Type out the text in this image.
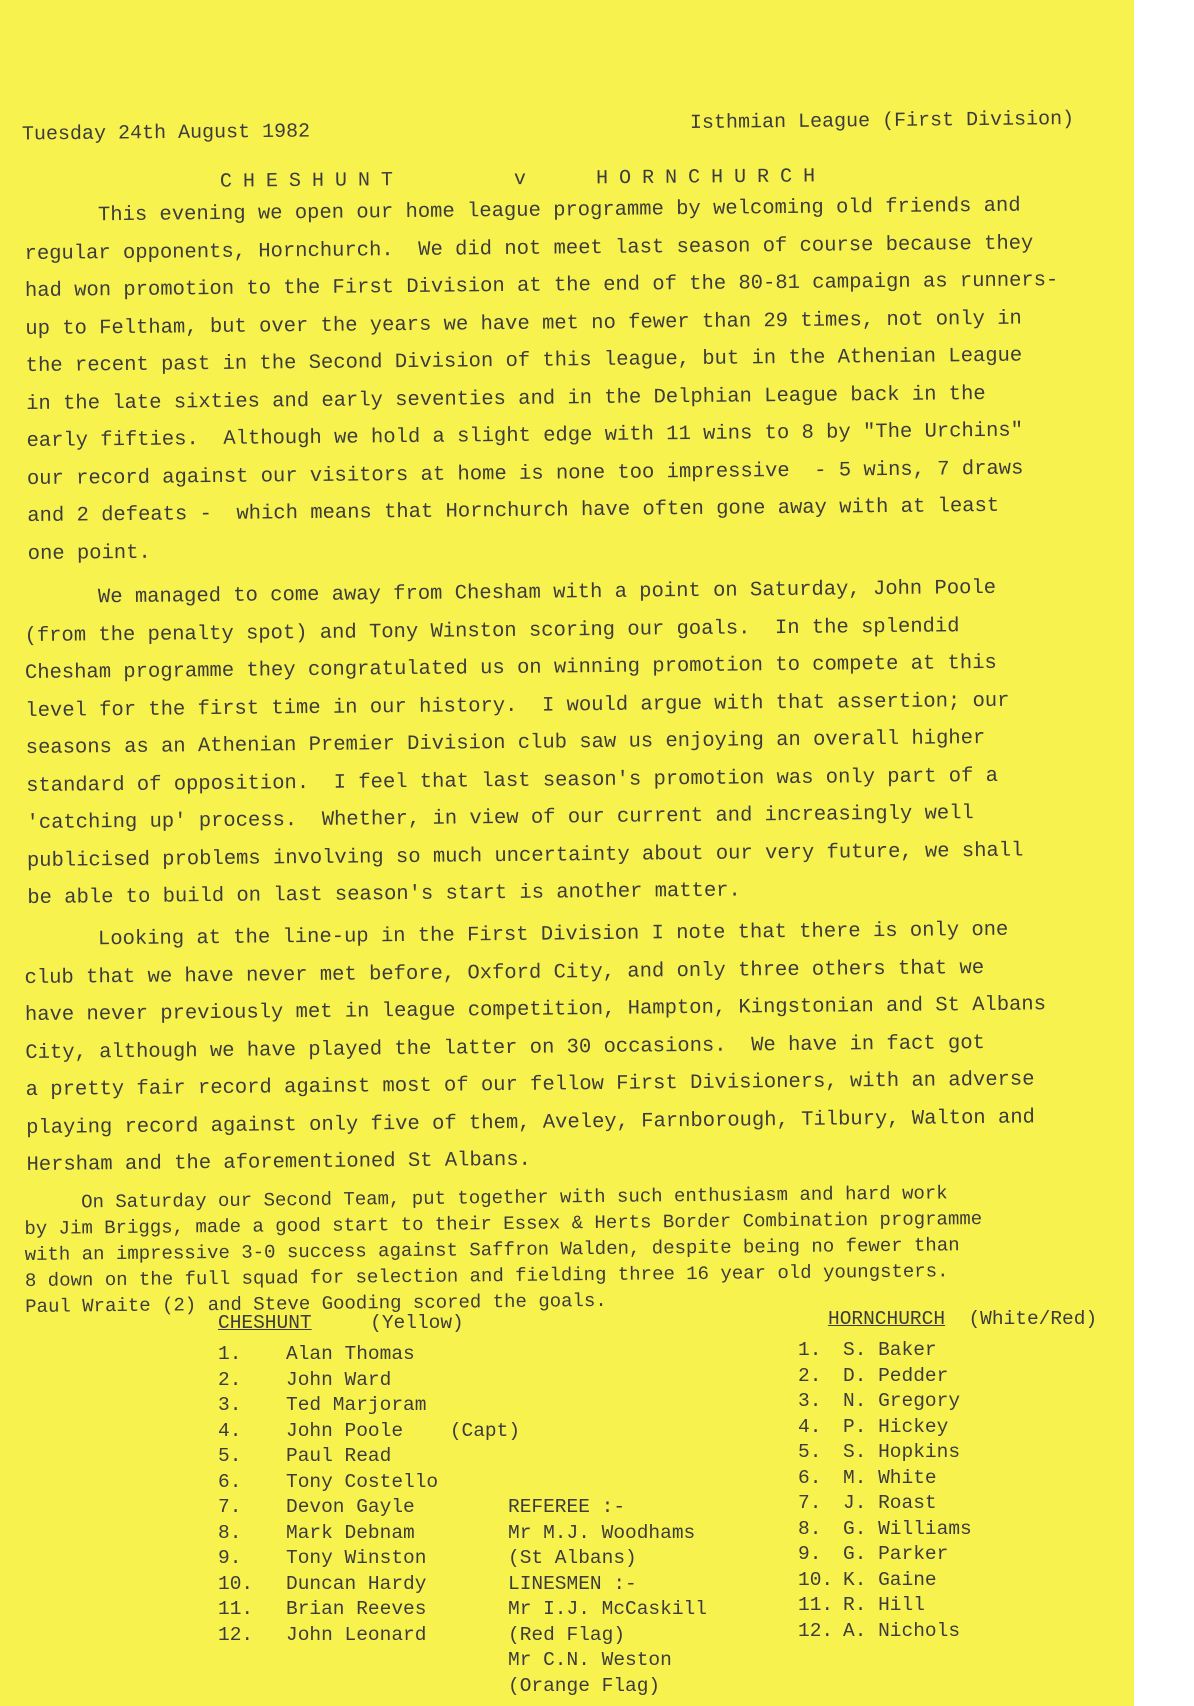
Tuesday 24th August 1982	Isthmian League (First Division)
CHESHUNT	v	HORNCHURCH
This evening we open our home league programme by welcoming old friends and
regular opponents, Hornchurch.  We did not meet last season of course because they
had won promotion to the First Division at the end of the 80-81 campaign as runners-
up to Feltham, but over the years we have met no fewer than 29 times, not only in
the recent past in the Second Division of this league, but in the Athenian League
in the late sixties and early seventies and in the Delphian League back in the
early fifties.  Although we hold a slight edge with 11 wins to 8 by "The Urchins"
our record against our visitors at home is none too impressive  - 5 wins, 7 draws
and 2 defeats -  which means that Hornchurch have often gone away with at least
one point.
We managed to come away from Chesham with a point on Saturday, John Poole
(from the penalty spot) and Tony Winston scoring our goals.  In the splendid
Chesham programme they congratulated us on winning promotion to compete at this
level for the first time in our history.  I would argue with that assertion; our
seasons as an Athenian Premier Division club saw us enjoying an overall higher
standard of opposition.  I feel that last season's promotion was only part of a
'catching up' process.  Whether, in view of our current and increasingly well
publicised problems involving so much uncertainty about our very future, we shall
be able to build on last season's start is another matter.
Looking at the line-up in the First Division I note that there is only one
club that we have never met before, Oxford City, and only three others that we
have never previously met in league competition, Hampton, Kingstonian and St Albans
City, although we have played the latter on 30 occasions.  We have in fact got
a pretty fair record against most of our fellow First Divisioners, with an adverse
playing record against only five of them, Aveley, Farnborough, Tilbury, Walton and
Hersham and the aforementioned St Albans.
On Saturday our Second Team, put together with such enthusiasm and hard work
by Jim Briggs, made a good start to their Essex & Herts Border Combination programme
with an impressive 3-0 success against Saffron Walden, despite being no fewer than
8 down on the full squad for selection and fielding three 16 year old youngsters.
Paul Wraite (2) and Steve Gooding scored the goals.
CHESHUNT	(Yellow)
1. Alan Thomas
2. John Ward
3. Ted Marjoram
4. John Poole    (Capt)
5. Paul Read
6. Tony Costello
7. Devon Gayle
8. Mark Debnam
9. Tony Winston
10. Duncan Hardy
11. Brian Reeves
12. John Leonard
REFEREE :-
Mr M.J. Woodhams
(St Albans)
LINESMEN :-
Mr I.J. McCaskill
(Red Flag)
Mr C.N. Weston
(Orange Flag)
HORNCHURCH (White/Red)
1. S. Baker
2. D. Pedder
3. N. Gregory
4. P. Hickey
5. S. Hopkins
6. M. White
7. J. Roast
8. G. Williams
9. G. Parker
10. K. Gaine
11. R. Hill
12. A. Nichols
